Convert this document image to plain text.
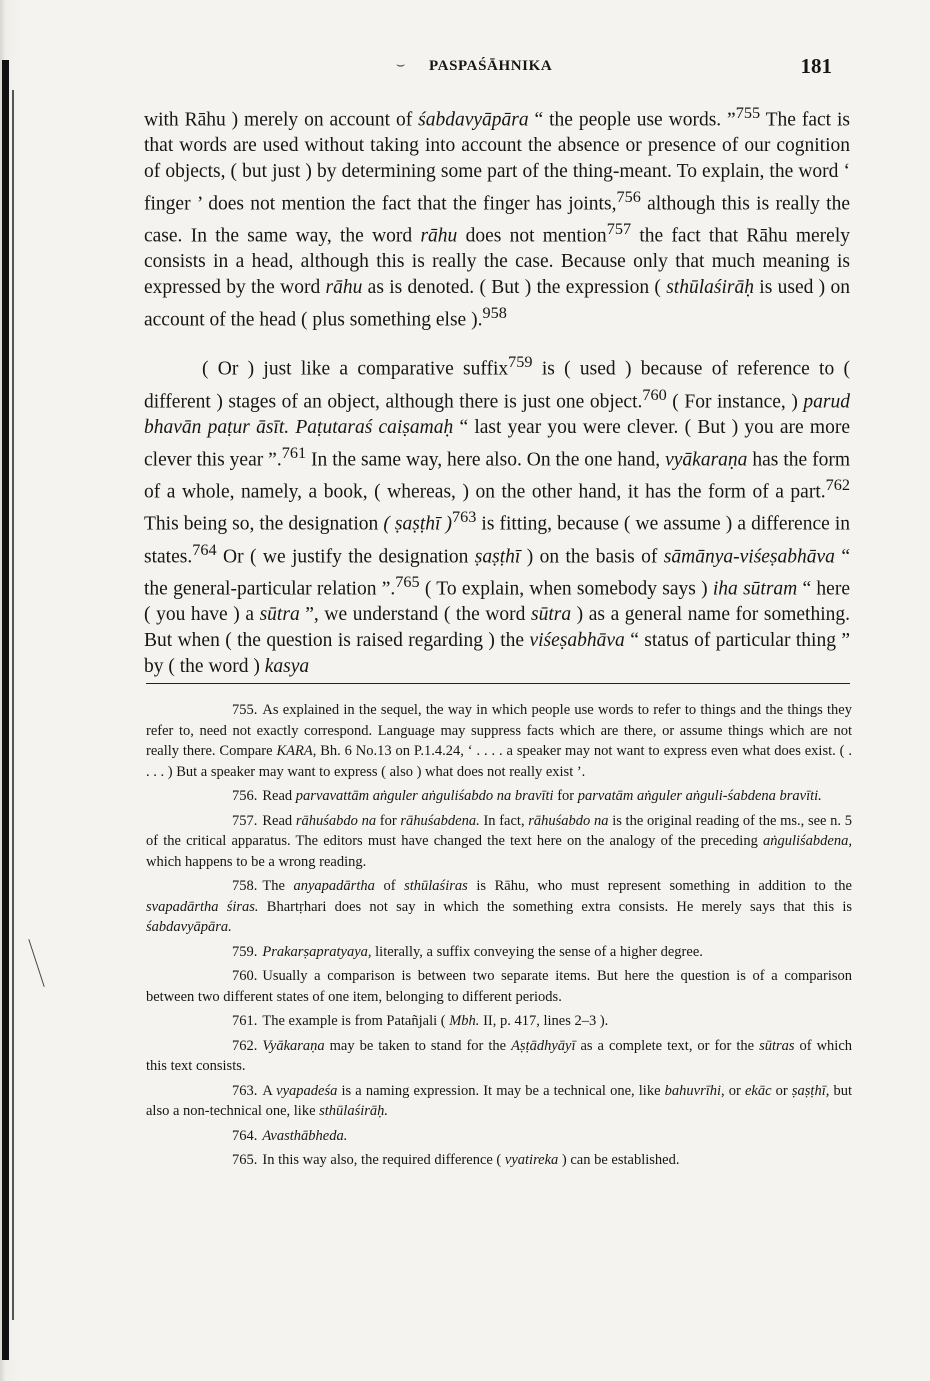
⌣ PASPAŚĀHNIKA	181

with Rāhu ) merely on account of śabdavyāpāra “ the people use words. ”$^{755}$ The fact is that words are used without taking into account the absence or presence of our cognition of objects, ( but just ) by determining some part of the thing-meant. To explain, the word ‘ finger ’ does not mention the fact that the finger has joints,$^{756}$ although this is really the case. In the same way, the word rāhu does not mention$^{757}$ the fact that Rāhu merely consists in a head, although this is really the case. Because only that much meaning is expressed by the word rāhu as is denoted. ( But ) the expression ( sthūlaśirāḥ is used ) on account of the head ( plus something else ).$^{958}$

( Or ) just like a comparative suffix$^{759}$ is ( used ) because of reference to ( different ) stages of an object, although there is just one object.$^{760}$ ( For instance, ) parud bhavān paṭur āsīt. Paṭutaraś caiṣamaḥ “ last year you were clever. ( But ) you are more clever this year ”.$^{761}$ In the same way, here also. On the one hand, vyākaraṇa has the form of a whole, namely, a book, ( whereas, ) on the other hand, it has the form of a part.$^{762}$ This being so, the designation ( ṣaṣṭhī )$^{763}$ is fitting, because ( we assume ) a difference in states.$^{764}$ Or ( we justify the designation ṣaṣṭhī ) on the basis of sāmānya-viśeṣabhāva “ the general-particular relation ”.$^{765}$ ( To explain, when somebody says ) iha sūtram “ here ( you have ) a sūtra ”, we understand ( the word sūtra ) as a general name for something. But when ( the question is raised regarding ) the viśeṣabhāva “ status of particular thing ” by ( the word ) kasya

755. As explained in the sequel, the way in which people use words to refer to things and the things they refer to, need not exactly correspond. Language may suppress facts which are there, or assume things which are not really there. Compare KARA, Bh. 6 No.13 on P.1.4.24, ‘ . . . . a speaker may not want to express even what does exist. ( . . . . ) But a speaker may want to express ( also ) what does not really exist ’.

756. Read parvavattām aṅguler aṅguliśabdo na bravīti for parvatām aṅguler aṅguli-śabdena bravīti.

757. Read rāhuśabdo na for rāhuśabdena. In fact, rāhuśabdo na is the original reading of the ms., see n. 5 of the critical apparatus. The editors must have changed the text here on the analogy of the preceding aṅguliśabdena, which happens to be a wrong reading.

758. The anyapadārtha of sthūlaśiras is Rāhu, who must represent something in addition to the svapadārtha śiras. Bhartṛhari does not say in which the something extra consists. He merely says that this is śabdavyāpāra.

759. Prakarṣapratyaya, literally, a suffix conveying the sense of a higher degree.

760. Usually a comparison is between two separate items. But here the question is of a comparison between two different states of one item, belonging to different periods.

761. The example is from Patañjali ( Mbh. II, p. 417, lines 2–3 ).

762. Vyākaraṇa may be taken to stand for the Aṣṭādhyāyī as a complete text, or for the sūtras of which this text consists.

763. A vyapadeśa is a naming expression. It may be a technical one, like bahuvrīhi, or ekāc or ṣaṣṭhī, but also a non-technical one, like sthūlaśirāḥ.

764. Avasthābheda.

765. In this way also, the required difference ( vyatireka ) can be established.
